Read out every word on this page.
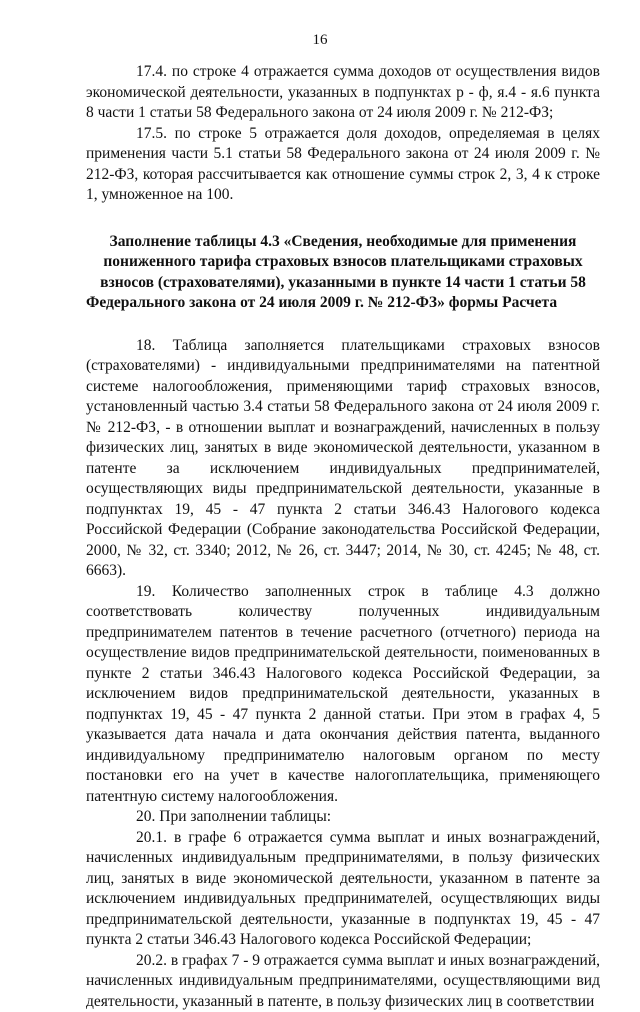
16

17.4. по строке 4 отражается сумма доходов от осуществления видов экономической деятельности, указанных в подпунктах р - ф, я.4 - я.6 пункта 8 части 1 статьи 58 Федерального закона от 24 июля 2009 г. № 212-ФЗ;

17.5. по строке 5 отражается доля доходов, определяемая в целях применения части 5.1 статьи 58 Федерального закона от 24 июля 2009 г. № 212-ФЗ, которая рассчитывается как отношение суммы строк 2, 3, 4 к строке 1, умноженное на 100.

Заполнение таблицы 4.3 «Сведения, необходимые для применения пониженного тарифа страховых взносов плательщиками страховых взносов (страхователями), указанными в пункте 14 части 1 статьи 58 Федерального закона от 24 июля 2009 г. № 212-ФЗ» формы Расчета

18. Таблица заполняется плательщиками страховых взносов (страхователями) - индивидуальными предпринимателями на патентной системе налогообложения, применяющими тариф страховых взносов, установленный частью 3.4 статьи 58 Федерального закона от 24 июля 2009 г. № 212-ФЗ, - в отношении выплат и вознаграждений, начисленных в пользу физических лиц, занятых в виде экономической деятельности, указанном в патенте за исключением индивидуальных предпринимателей, осуществляющих виды предпринимательской деятельности, указанные в подпунктах 19, 45 - 47 пункта 2 статьи 346.43 Налогового кодекса Российской Федерации (Собрание законодательства Российской Федерации, 2000, № 32, ст. 3340; 2012, № 26, ст. 3447; 2014, № 30, ст. 4245; № 48, ст. 6663).

19. Количество заполненных строк в таблице 4.3 должно соответствовать количеству полученных индивидуальным предпринимателем патентов в течение расчетного (отчетного) периода на осуществление видов предпринимательской деятельности, поименованных в пункте 2 статьи 346.43 Налогового кодекса Российской Федерации, за исключением видов предпринимательской деятельности, указанных в подпунктах 19, 45 - 47 пункта 2 данной статьи. При этом в графах 4, 5 указывается дата начала и дата окончания действия патента, выданного индивидуальному предпринимателю налоговым органом по месту постановки его на учет в качестве налогоплательщика, применяющего патентную систему налогообложения.

20. При заполнении таблицы:

20.1. в графе 6 отражается сумма выплат и иных вознаграждений, начисленных индивидуальным предпринимателями, в пользу физических лиц, занятых в виде экономической деятельности, указанном в патенте за исключением индивидуальных предпринимателей, осуществляющих виды предпринимательской деятельности, указанные в подпунктах 19, 45 - 47 пункта 2 статьи 346.43 Налогового кодекса Российской Федерации;

20.2. в графах 7 - 9 отражается сумма выплат и иных вознаграждений, начисленных индивидуальным предпринимателями, осуществляющими вид деятельности, указанный в патенте, в пользу физических лиц в соответствии
